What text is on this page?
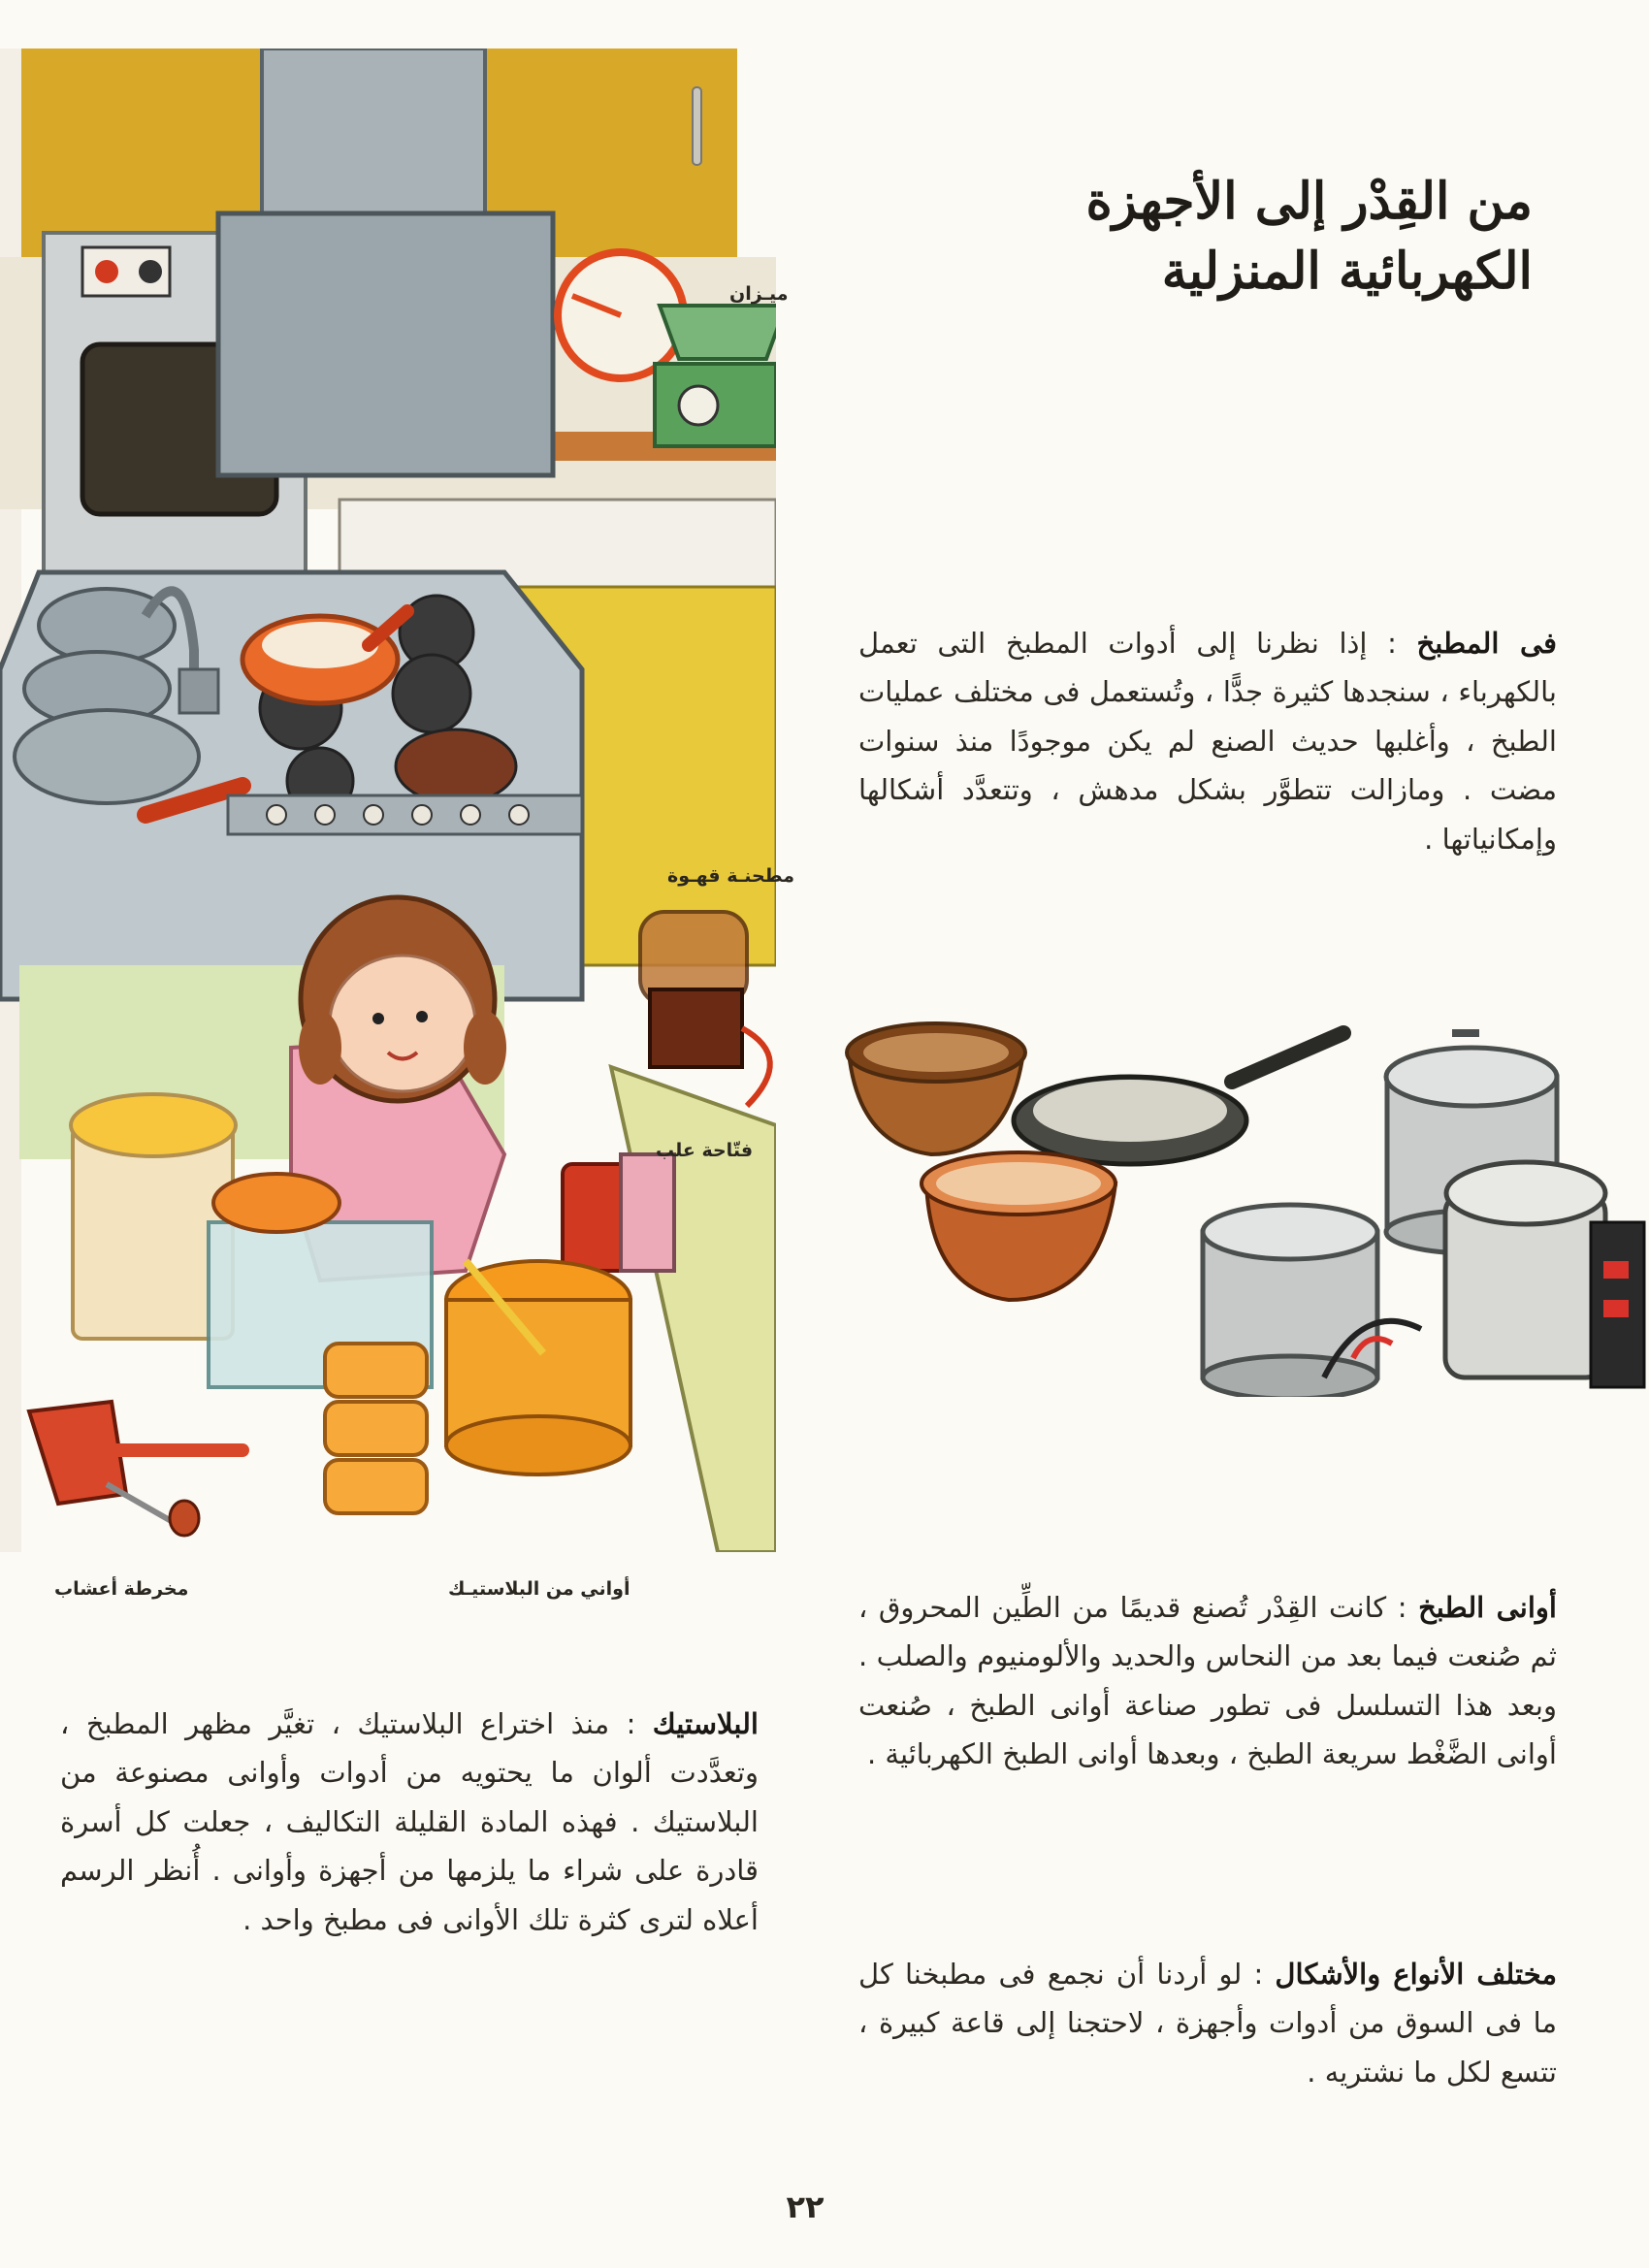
من القِدْر إلى الأجهزة الكهربائية المنزلية
ميـزان
مطحنـة قهـوة
فتّاحة علب
أواني من البلاستيـك
مخرطة أعشاب
فى المطبخ : إذا نظرنا إلى أدوات المطبخ التى تعمل بالكهرباء ، سنجدها كثيرة جدًّا ، وتُستعمل فى مختلف عمليات الطبخ ، وأغلبها حديث الصنع لم يكن موجودًا منذ سنوات مضت . ومازالت تتطوَّر بشكل مدهش ، وتتعدَّد أشكالها وإمكانياتها .
أوانى الطبخ : كانت القِدْر تُصنع قديمًا من الطِّين المحروق ، ثم صُنعت فيما بعد من النحاس والحديد والألومنيوم والصلب . وبعد هذا التسلسل فى تطور صناعة أوانى الطبخ ، صُنعت أوانى الضَّغْط سريعة الطبخ ، وبعدها أوانى الطبخ الكهربائية .
مختلف الأنواع والأشكال : لو أردنا أن نجمع فى مطبخنا كل ما فى السوق من أدوات وأجهزة ، لاحتجنا إلى قاعة كبيرة ، تتسع لكل ما نشتريه .
البلاستيك : منذ اختراع البلاستيك ، تغيَّر مظهر المطبخ ، وتعدَّدت ألوان ما يحتويه من أدوات وأوانى مصنوعة من البلاستيك . فهذه المادة القليلة التكاليف ، جعلت كل أسرة قادرة على شراء ما يلزمها من أجهزة وأوانى . أُنظر الرسم أعلاه لترى كثرة تلك الأوانى فى مطبخ واحد .
٢٢
